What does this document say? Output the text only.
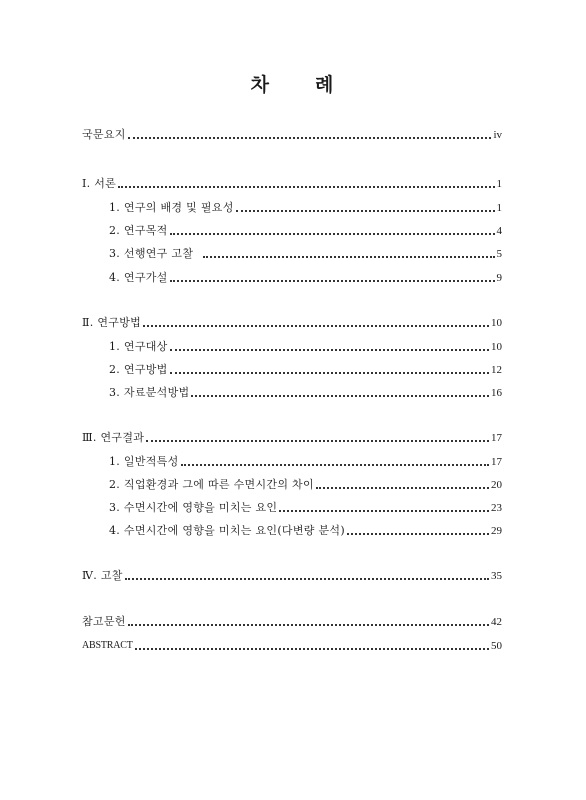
차 례
국문요지	iv
Ⅰ. 서론	1
1. 연구의 배경 및 필요성	1
2. 연구목적	4
3. 선행연구 고찰	5
4. 연구가설	9
Ⅱ. 연구방법	10
1. 연구대상	10
2. 연구방법	12
3. 자료분석방법	16
Ⅲ. 연구결과	17
1. 일반적특성	17
2. 직업환경과 그에 따른 수면시간의 차이	20
3. 수면시간에 영향을 미치는 요인	23
4. 수면시간에 영향을 미치는 요인(다변량 분석)	29
Ⅳ. 고찰	35
참고문헌	42
ABSTRACT	50
